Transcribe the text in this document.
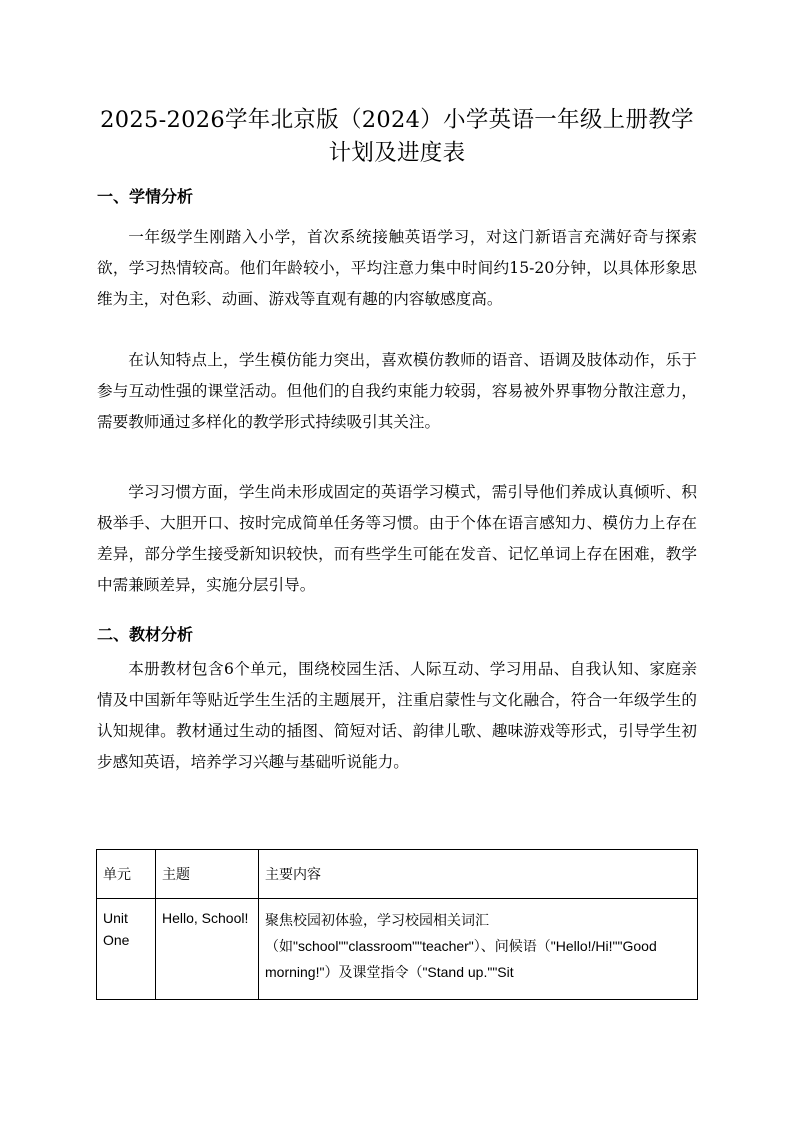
2025-2026学年北京版（2024）小学英语一年级上册教学
计划及进度表
一、学情分析

一年级学生刚踏入小学，首次系统接触英语学习，对这门新语言充满好奇与探索欲，学习热情较高。他们年龄较小，平均注意力集中时间约15-20分钟，以具体形象思维为主，对色彩、动画、游戏等直观有趣的内容敏感度高。

在认知特点上，学生模仿能力突出，喜欢模仿教师的语音、语调及肢体动作，乐于参与互动性强的课堂活动。但他们的自我约束能力较弱，容易被外界事物分散注意力，需要教师通过多样化的教学形式持续吸引其关注。

学习习惯方面，学生尚未形成固定的英语学习模式，需引导他们养成认真倾听、积极举手、大胆开口、按时完成简单任务等习惯。由于个体在语言感知力、模仿力上存在差异，部分学生接受新知识较快，而有些学生可能在发音、记忆单词上存在困难，教学中需兼顾差异，实施分层引导。

二、教材分析

本册教材包含6个单元，围绕校园生活、人际互动、学习用品、自我认知、家庭亲情及中国新年等贴近学生生活的主题展开，注重启蒙性与文化融合，符合一年级学生的认知规律。教材通过生动的插图、简短对话、韵律儿歌、趣味游戏等形式，引导学生初步感知英语，培养学习兴趣与基础听说能力。

单元	主题	主要内容
Unit One	Hello, School!	聚焦校园初体验，学习校园相关词汇（如"school""classroom""teacher"）、问候语（"Hello!/Hi!""Good morning!"）及课堂指令（"Stand up.""Sit
